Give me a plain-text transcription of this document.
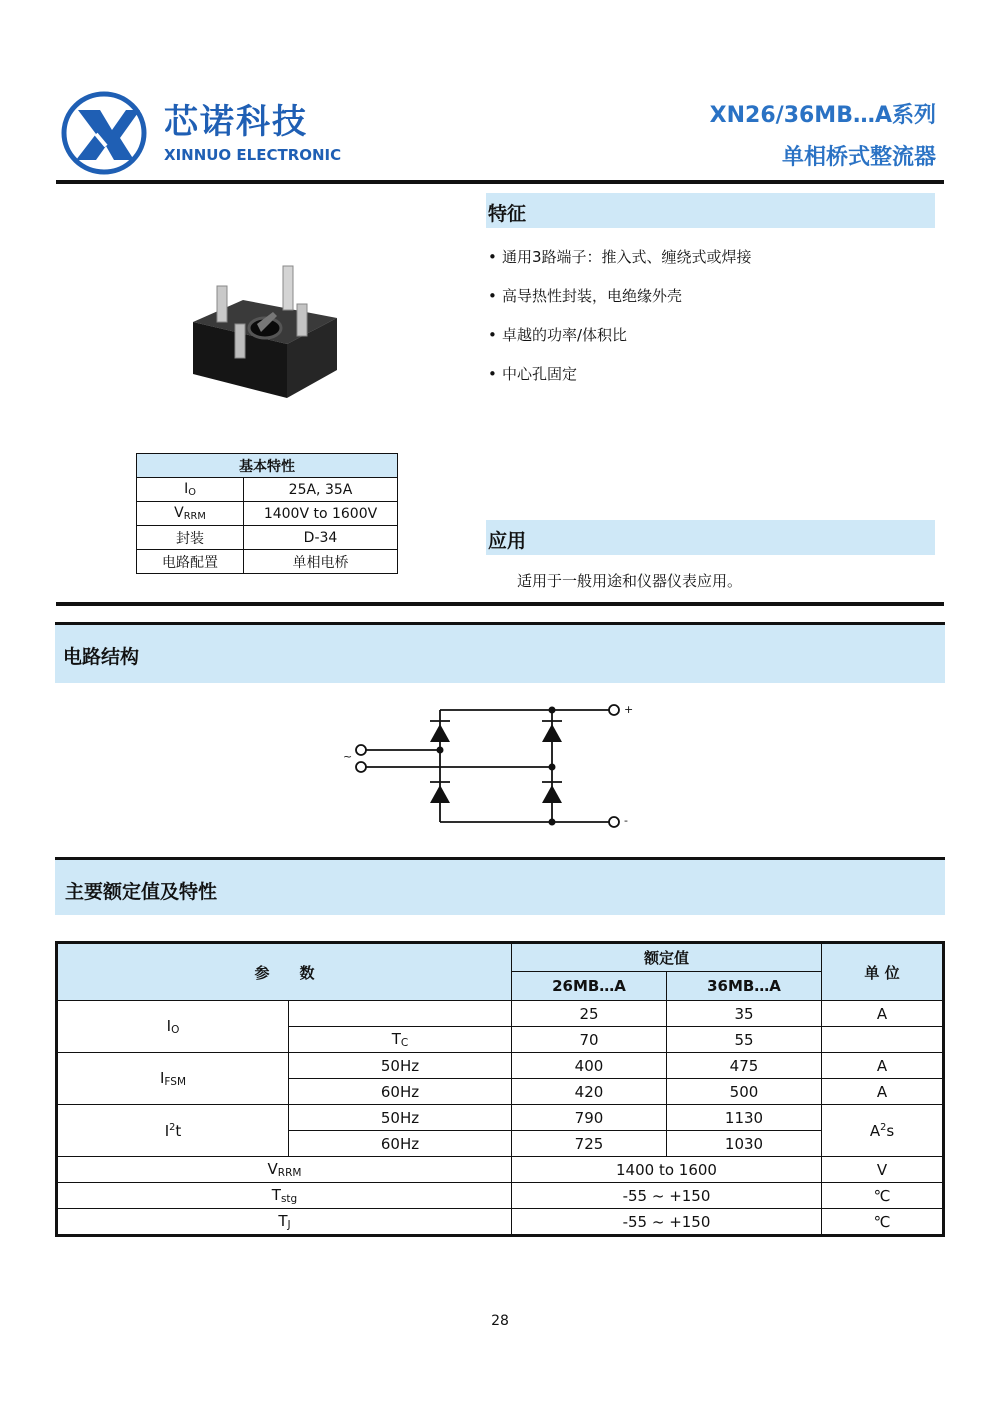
芯诺科技
XINNUO ELECTRONIC
XN26/36MB…A系列
单相桥式整流器
基本特性	
$I_O$	25A, 35A
$V_{RRM}$	1400V to 1600V
封装	D-34
电路配置	单相电桥
特征
• 通用3路端子：推入式、缠绕式或焊接
• 高导热性封装，电绝缘外壳
• 卓越的功率/体积比
• 中心孔固定
应用
适用于一般用途和仪器仪表应用。
电路结构
+
~
-
主要额定值及特性
参　　数		额定值		单 位
		26MB…A	36MB…A	
$I_O$		25	35	A
	$T_C$	70	55	
$I_{FSM}$	50Hz	400	475	A
	60Hz	420	500	A
$I^2t$	50Hz	790	1130	$A^2s$
	60Hz	725	1030	
$V_{RRM}$		1400 to 1600		V
$T_{stg}$		-55 ~ +150		℃
$T_J$		-55 ~ +150		℃
28
